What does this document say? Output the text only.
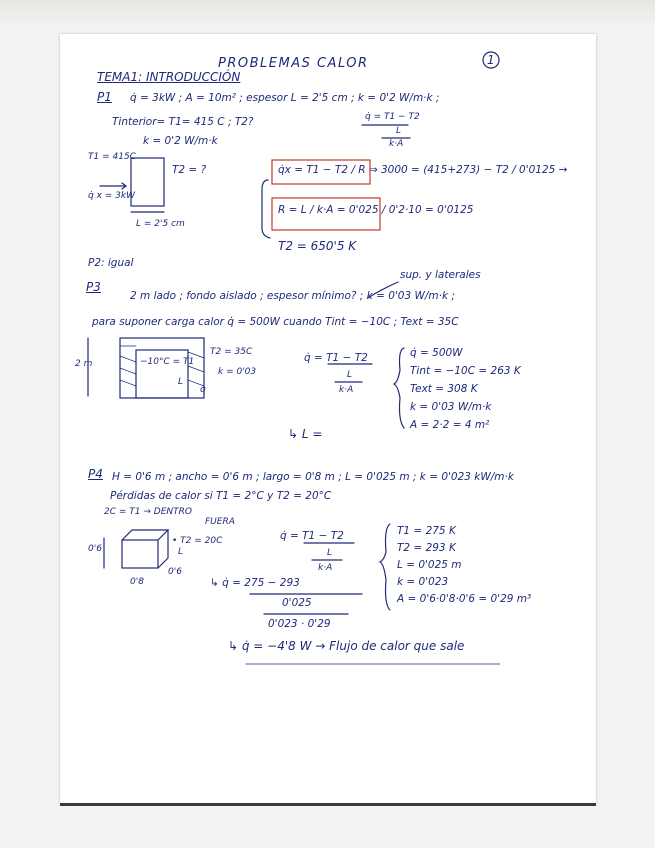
PROBLEMAS CALOR	1
TEMA1: INTRODUCCIÓN
P1 q̇ = 3kW ; A = 10m² ; espesor L = 2'5 cm ; k = 0'2 W/m·k ;
Tinterior= T1= 415 C ; T2?	q̇ = T1 − T2
L
k·A
k = 0'2 W/m·k
T1 = 415C
T2 = ?
q̇ x = 3kW
L = 2'5 cm
q̇x = T1 − T2 / R ⇒ 3000 = (415+273) − T2 / 0'0125 →
R = L / k·A = 0'025 / 0'2·10 = 0'0125
T2 = 650'5 K
P2: igual
sup. y laterales
P3
2 m lado ; fondo aislado ; espesor mínimo? ; k = 0'03 W/m·k ;
para suponer carga calor q̇ = 500W cuando Tint = −10C ; Text = 35C
2 m	−10°C = T1
T2 = 35C
k = 0'03
L
q̇
q̇ = T1 − T2
L
k·A
q̇ = 500W
Tint = −10C = 263 K
Text = 308 K
k = 0'03 W/m·k
A = 2·2 = 4 m²
↳ L =
P4 H = 0'6 m ; ancho = 0'6 m ; largo = 0'8 m ; L = 0'025 m ; k = 0'023 kW/m·k
Pérdidas de calor si T1 = 2°C y T2 = 20°C
2C = T1 → DENTRO
FUERA
• T2 = 20C
0'6
0'8
0'6
L
q̇ = T1 − T2
L
k·A
T1 = 275 K
T2 = 293 K
L = 0'025 m
k = 0'023
A = 0'6·0'8·0'6 = 0'29 m³
↳ q̇ = 275 − 293
0'025
0'023 · 0'29
↳ q̇ = −4'8 W → Flujo de calor que sale
